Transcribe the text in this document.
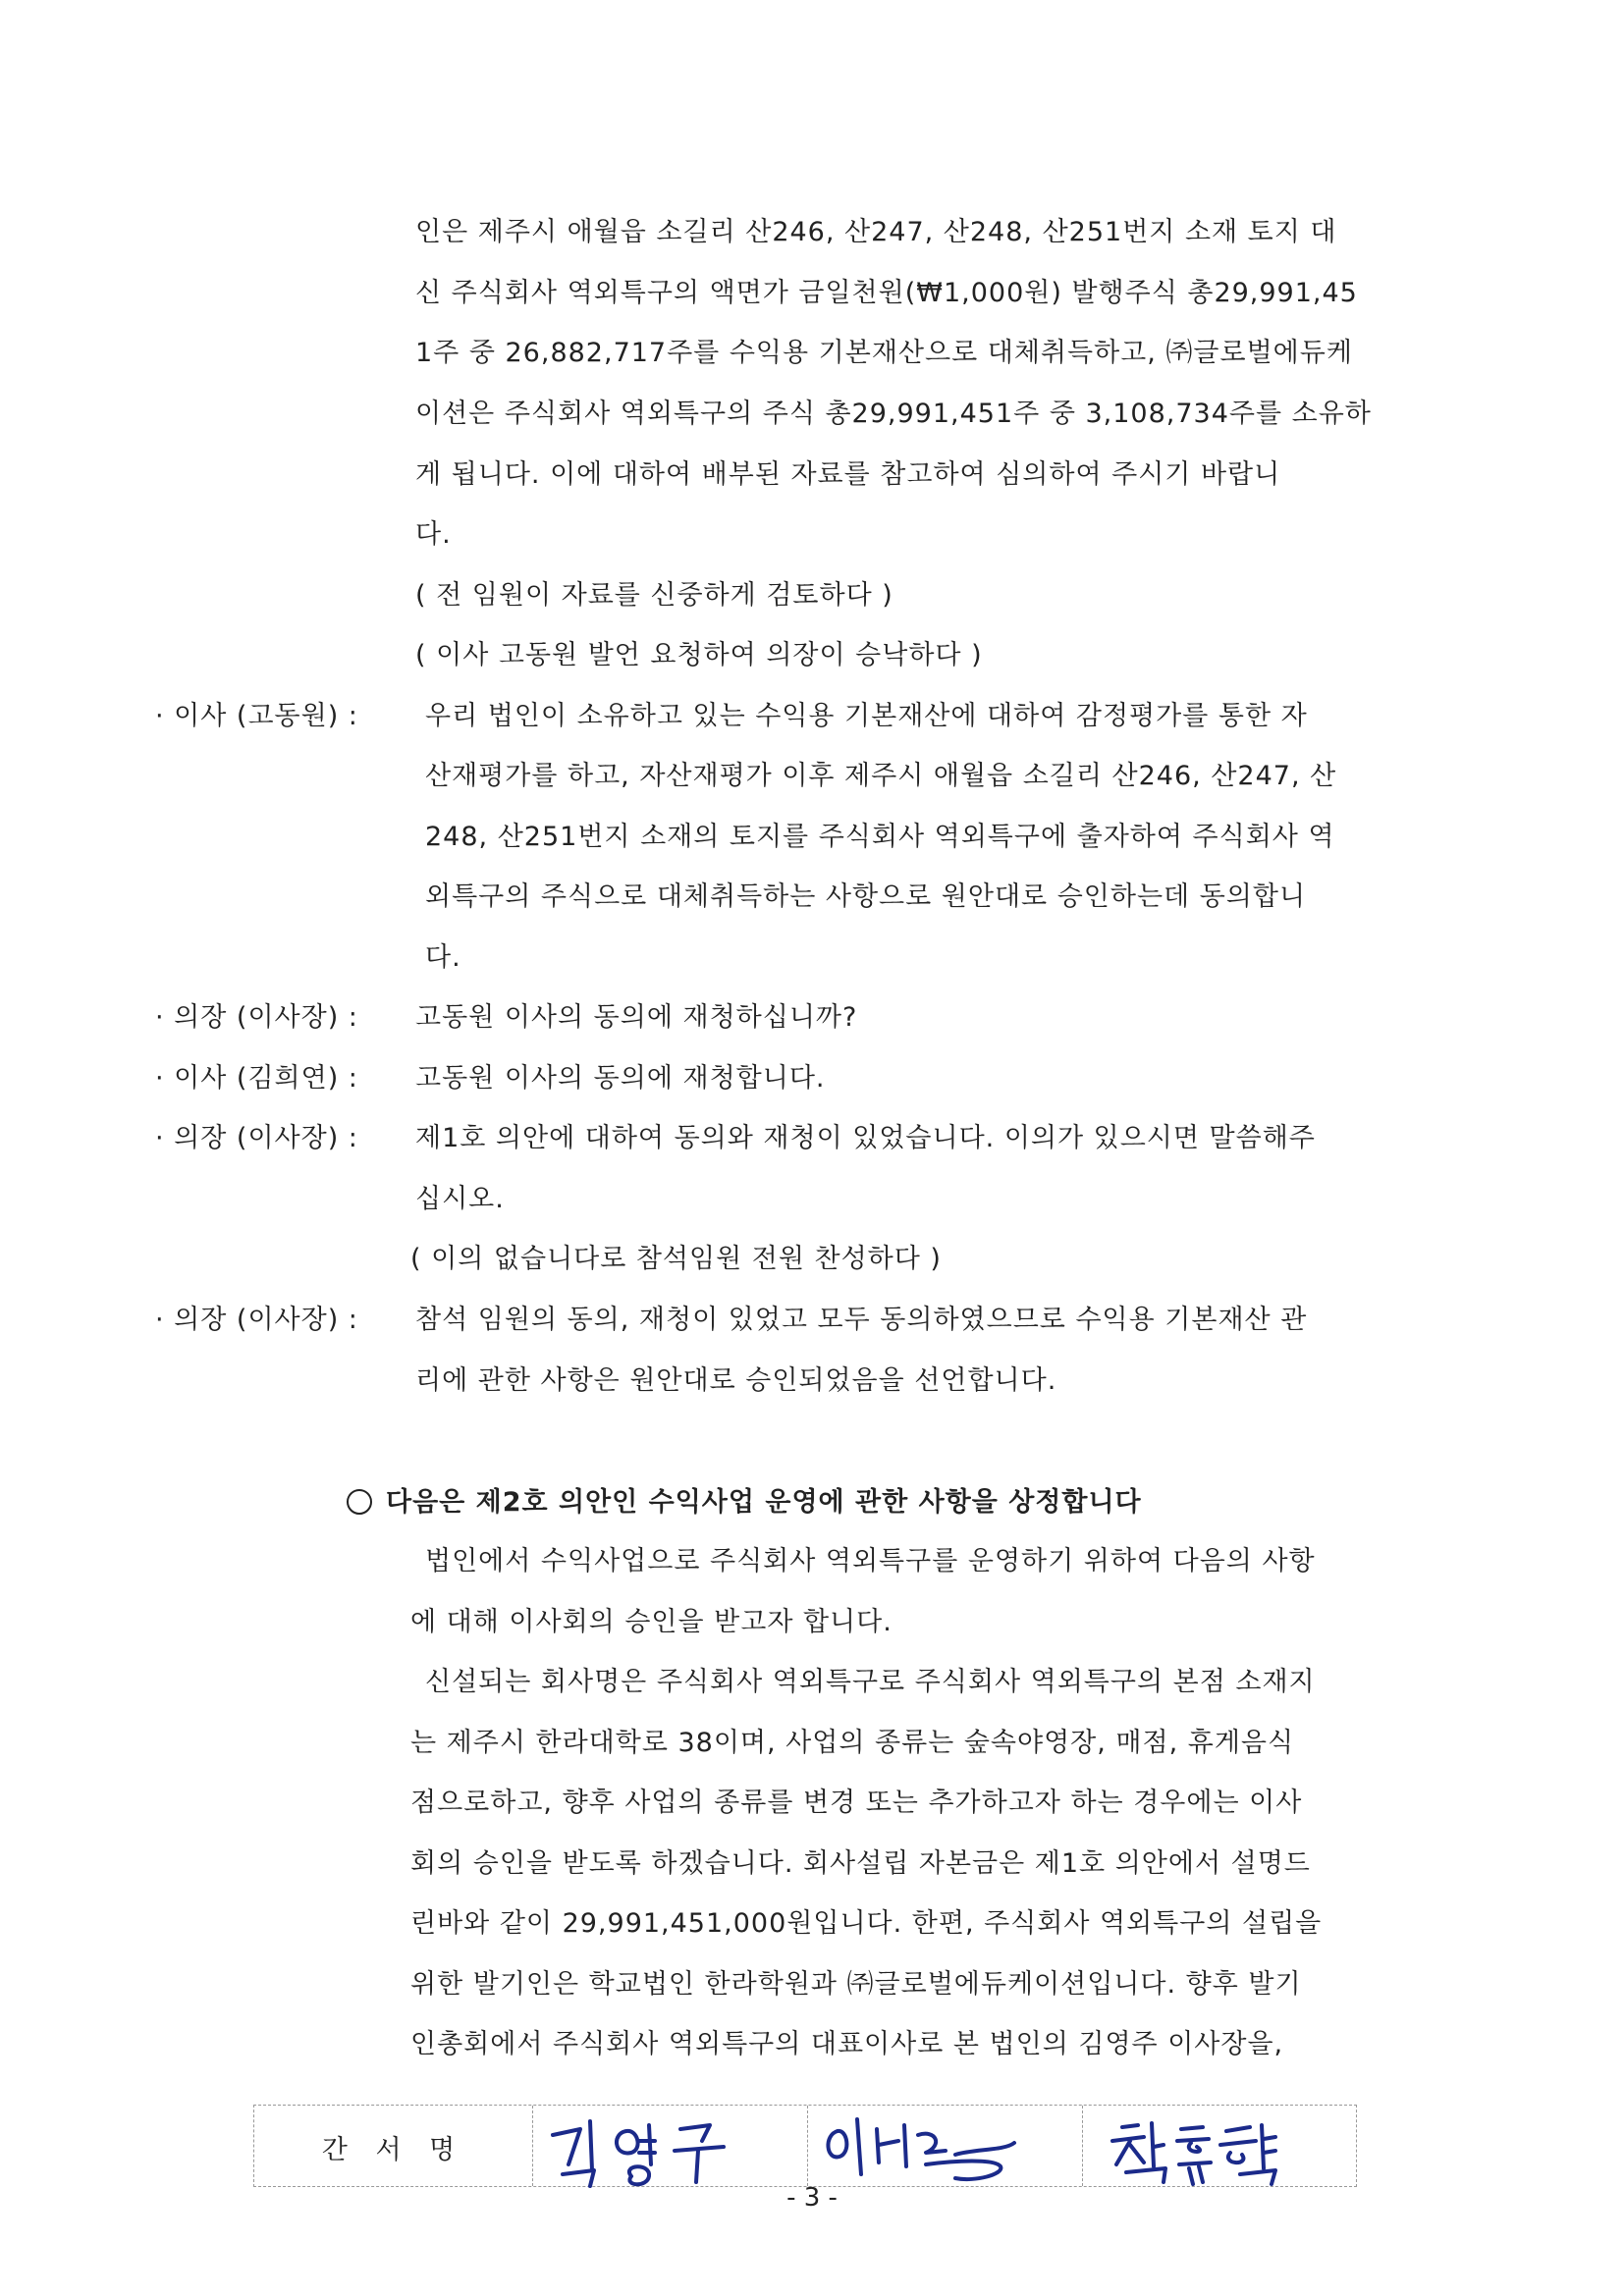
인은 제주시 애월읍 소길리 산246, 산247, 산248, 산251번지 소재 토지 대
신 주식회사 역외특구의 액면가 금일천원(₩1,000원) 발행주식 총29,991,45
1주 중 26,882,717주를 수익용 기본재산으로 대체취득하고, ㈜글로벌에듀케
이션은 주식회사 역외특구의 주식 총29,991,451주 중 3,108,734주를 소유하
게 됩니다. 이에 대하여 배부된 자료를 참고하여 심의하여 주시기 바랍니
다.
( 전 임원이 자료를 신중하게 검토하다 )
( 이사 고동원 발언 요청하여 의장이 승낙하다 )
· 이사 (고동원) :	우리 법인이 소유하고 있는 수익용 기본재산에 대하여 감정평가를 통한 자
산재평가를 하고, 자산재평가 이후 제주시 애월읍 소길리 산246, 산247, 산
248, 산251번지 소재의 토지를 주식회사 역외특구에 출자하여 주식회사 역
외특구의 주식으로 대체취득하는 사항으로 원안대로 승인하는데 동의합니
다.
· 의장 (이사장) : 고동원 이사의 동의에 재청하십니까?
· 이사 (김희연) : 고동원 이사의 동의에 재청합니다.
· 의장 (이사장) : 제1호 의안에 대하여 동의와 재청이 있었습니다. 이의가 있으시면 말씀해주
십시오.
( 이의 없습니다로 참석임원 전원 찬성하다 )
· 의장 (이사장) : 참석 임원의 동의, 재청이 있었고 모두 동의하였으므로 수익용 기본재산 관
리에 관한 사항은 원안대로 승인되었음을 선언합니다.
다음은 제2호 의안인 수익사업 운영에 관한 사항을 상정합니다
법인에서 수익사업으로 주식회사 역외특구를 운영하기 위하여 다음의 사항
에 대해 이사회의 승인을 받고자 합니다.
신설되는 회사명은 주식회사 역외특구로 주식회사 역외특구의 본점 소재지
는 제주시 한라대학로 38이며, 사업의 종류는 숲속야영장, 매점, 휴게음식
점으로하고, 향후 사업의 종류를 변경 또는 추가하고자 하는 경우에는 이사
회의 승인을 받도록 하겠습니다. 회사설립 자본금은 제1호 의안에서 설명드
린바와 같이 29,991,451,000원입니다. 한편, 주식회사 역외특구의 설립을
위한 발기인은 학교법인 한라학원과 ㈜글로벌에듀케이션입니다. 향후 발기
인총회에서 주식회사 역외특구의 대표이사로 본 법인의 김영주 이사장을,
간 서 명
- 3 -
